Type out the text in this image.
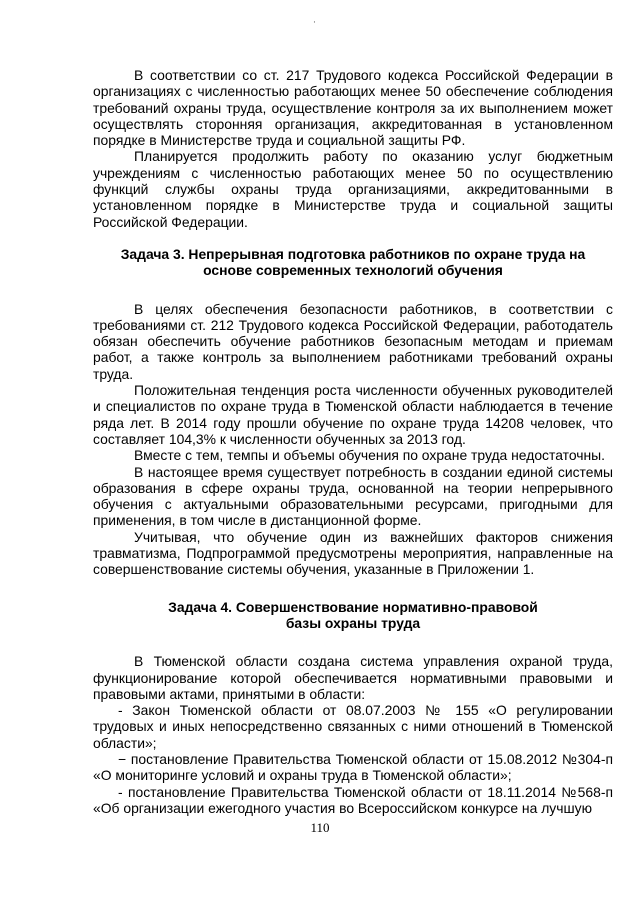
·

В соответствии со ст. 217 Трудового кодекса Российской Федерации в организациях с численностью работающих менее 50 обеспечение соблюдения требований охраны труда, осуществление контроля за их выполнением может осуществлять сторонняя организация, аккредитованная в установленном порядке в Министерстве труда и социальной защиты РФ.

Планируется продолжить работу по оказанию услуг бюджетным учреждениям с численностью работающих менее 50 по осуществлению функций службы охраны труда организациями, аккредитованными в установленном порядке в Министерстве труда и социальной защиты Российской Федерации.

Задача 3. Непрерывная подготовка работников по охране труда на
основе современных технологий обучения

В целях обеспечения безопасности работников, в соответствии с требованиями ст. 212 Трудового кодекса Российской Федерации, работодатель обязан обеспечить обучение работников безопасным методам и приемам работ, а также контроль за выполнением работниками требований охраны труда.

Положительная тенденция роста численности обученных руководителей и специалистов по охране труда в Тюменской области наблюдается в течение ряда лет. В 2014 году прошли обучение по охране труда 14208 человек, что составляет 104,3% к численности обученных за 2013 год.

Вместе с тем, темпы и объемы обучения по охране труда недостаточны.

В настоящее время существует потребность в создании единой системы образования в сфере охраны труда, основанной на теории непрерывного обучения с актуальными образовательными ресурсами, пригодными для применения, в том числе в дистанционной форме.

Учитывая, что обучение один из важнейших факторов снижения травматизма, Подпрограммой предусмотрены мероприятия, направленные на совершенствование системы обучения, указанные в Приложении 1.

Задача 4. Совершенствование нормативно-правовой
базы охраны труда

В Тюменской области создана система управления охраной труда, функционирование которой обеспечивается нормативными правовыми и правовыми актами, принятыми в области:

- Закон Тюменской области от 08.07.2003 № 155 «О регулировании трудовых и иных непосредственно связанных с ними отношений в Тюменской области»;

− постановление Правительства Тюменской области от 15.08.2012 №304-п «О мониторинге условий и охраны труда в Тюменской области»;

- постановление Правительства Тюменской области от 18.11.2014 №568-п «Об организации ежегодного участия во Всероссийском конкурсе на лучшую

110
